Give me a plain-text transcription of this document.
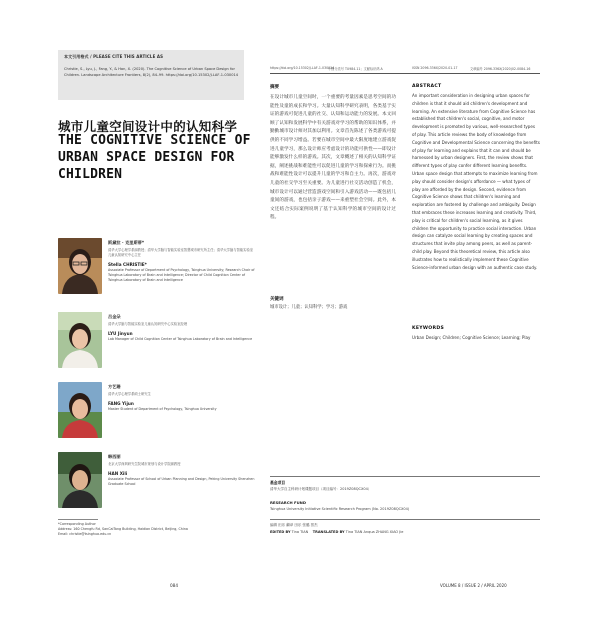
本文引用格式 / PLEASE CITE THIS ARTICLE AS
Christie, S., Lyu, J., Fang, Y., & Han, X. (2020). The Cognitive Science of Urban Space Design for Children. Landscape Architecture Frontiers, 8(2), 84–99. https://doi.org/10.15302/J-LAF-1-030014
城市儿童空间设计中的认知科学
THE COGNITIVE SCIENCE OF URBAN SPACE DESIGN FOR CHILDREN
斯黛拉 · 克里斯蒂*
清华大学心理学系副教授；清华大学脑与智能实验室智慧城市研究所主任；清华大学脑与智能实验室儿童认知研究中心主任
Stella CHRISTIE*
Associate Professor of Department of Psychology, Tsinghua University; Research Chair of Tsinghua Laboratory of Brain and Intelligence; Director of Child Cognition Center of Tsinghua Laboratory of Brain and Intelligence
吕金朵
清华大学脑与智能实验室儿童认知研究中心实验室经理
LYU Jinyun
Lab Manager of Child Cognition Center of Tsinghua Laboratory of Brain and Intelligence
方艺珊
清华大学心理学系硕士研究生
FANG Yijun
Master Student of Department of Psychology, Tsinghua University
韩西丽
北京大学深圳研究生院城市规划与设计学院副教授
HAN Xili
Associate Professor of School of Urban Planning and Design, Peking University Shenzhen Graduate School
*Corresponding Author
Address: 160 Chengfu Rd, SanCaiTang Building, Haidian District, Beijing, China
Email: christie@tsinghua.edu.cn
084
https://doi.org/10.15302/J-LAF-1-030014
中图分类号 TU984.11；文献标识码 A	ISSN 2096-336X/2020-01-17	文章编号 2096-336X(2020)02-0084-16
摘要
在设计城市儿童空间时，一个重要的考量因素是思考空间的功能性及童的成长和学习。大量认知科学研究表明，各类基于实证的游戏可促进儿童的社交、认知和运动能力的发展。本文回顾了认知和发展科学中有关游戏对学习的帮助的知识体系，并勤勤城市设计师对其加以利用。文章首先陈述了各类游戏可提供的不同学习增益。若要在城市空间中最大限度地建立游戏促进儿童学习，那么设计师应考虑设计的功能可供性——即设计能够激发什么样的游戏。其次，文章概述了相关的认知科学证据，阐述挑战和难能性可以促进儿童的学习和探索行为。而挑战和难能性设计可以提升儿童的学习和自主力。再次，游戏对儿童的社交学习至关重要。为儿童进行社交活动创造了机会，城市设计可以通过营造游戏空间和引入游戏活动——既包括儿童间的游戏，也包括亲子游戏——来重塑社会空间。此外，本文还结合实际案例说明了基于认知科学的城市空间的设计过程。
关键词
城市设计；儿童；认知科学；学习；游戏
ABSTRACT
An important consideration in designing urban spaces for children is that it should aid children's development and learning. An extensive literature from Cognitive Science has established that children's social, cognitive, and motor development is promoted by various, well-researched types of play. This article reviews the body of knowledge from Cognitive and Developmental Science concerning the benefits of play for learning and explains that it can and should be harnessed by urban designers. First, the review shows that different types of play confer different learning benefits. Urban space design that attempts to maximize learning from play should consider design's affordance — what types of play are afforded by the design. Second, evidence from Cognitive Science shows that children's learning and exploration are fostered by challenge and ambiguity. Design that embraces these increases learning and creativity. Third, play is critical for children's social learning, as it gives children the opportunity to practice social interaction. Urban design can catalyze social learning by creating spaces and structures that invite play among peers, as well as parent-child play. Beyond this theoretical review, this article also illustrates how to realistically implement these Cognitive Science-informed urban design with an authentic case study.
KEYWORDS
Urban Design; Children; Cognitive Science; Learning; Play
基金项目
清华大学自主科研计划课题项目（项目编号：2019Z08QCX04）
RESEARCH FUND
Tsinghua University Initiative Scientific Research Program (No. 2019Z08QCX04)
编辑 田乐 翻译 田乐 张璐 蔡杰
EDITED BY Tina TIAN TRANSLATED BY Tina TIAN Anqua ZHANG XIAO Jie
VOLUME 8 / ISSUE 2 / APRIL 2020
